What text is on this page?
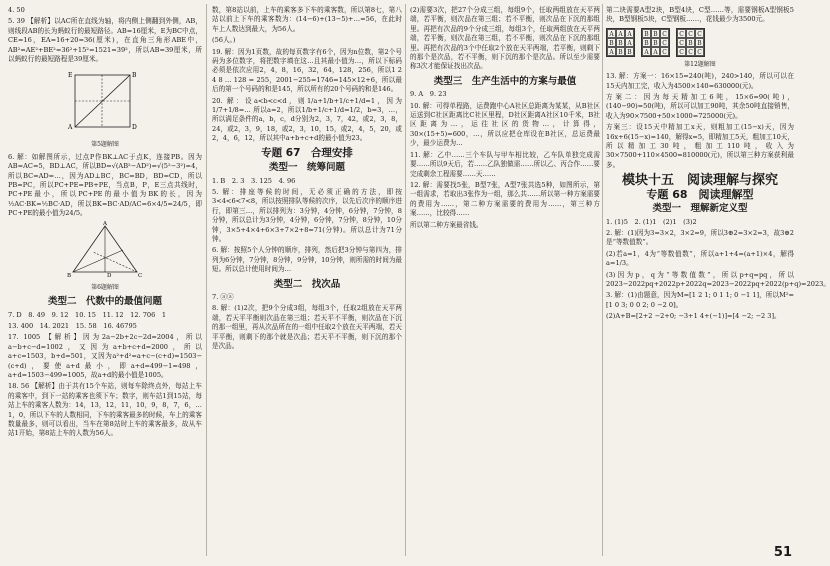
4. 50

5. 39 【解析】以AC所在直线为轴，将内侧上侧翻到外侧，AB，则线段AB的长为蚂蚁行的最短路径。AB=16厘米，E为BC中点，CE=16，EA=16+20=36(厘米)，在直角三角形ABE中，AB²=AE²+BE²=36²+15²=1521=39²，所以AB=39厘米，所以蚂蚁行的最短路程是39厘米。

A
B
E
D
第5题解图

6. 解：如解图所示，过点P作BK⊥AC于点K，连接PB。因为AB=AC=5，BD⊥AC，所以BD=√(AB²−AD²)=√(5²−3²)=4，所以BC=AD=…，因为AD⊥BC，BC=BD，BD=CD，所以PB=PC，所以PC+PE=PB+PE，当点B，P，E三点共线时，PC+PE最小，所以PC+PE的最小值为BK的长，因为½AC·BK=½BC·AD，所以BK=BC·AD/AC=6×4/5=24/5，即PC+PE的最小值为24/5。

A
B	C
D
第6题解图
类型二　代数中的最值问题

7. D　8. 49　9. 12　10. 15　11. 12　12. 706　1

13. 400　14. 2021　15. 58　16. 46795

17. 1005 【解析】因为2a−2b+2c−2d=2004，所以a−b+c−d=1002，又因为a+b+c+d=2000，所以a+c=1503，b+d=501，又因为a²+d²=a+c−(c+d)=1503−(c+d)，要使a+d最小，即a+d=499−1=498，a+d=1503−499=1005，故a+d的最小值是1005。

18. 56 【解析】由于共有15个车站，则每车除终点外，每站上车的乘客中，到下一站的乘客也须下车；数字，则车站1到15站，每站上车的乘客人数为：14，13，12，11，10，9，8，7，6，…1，0，所以下车的人数相同，下车的乘客最多的时候，车上的乘客数量最多，则可以看出，当车在第8站时上车的乘客最多，故从车站1开始，第8站上车的人数为56人。

数，第8站以前，上车的乘客多下车的乘客数，所以第8七，第八站以前上下车的乘客数为：(14−6)+(13−5)+…=56，在此时车上人数达到最大，为56人。

(56人。)

19. 解：因为1页数，故的每页数字有6个，因为n位数，第2个号码为多位数字，将把数字填在这…且其最小值为…，所以下标码必须是依次应用2，4，8，16，32，64，128，256，所以1 2 4 8 … 128 = 255，2001−255=1746=145×12+6，所以最后的第一个号码的和是145，所以所有的20个号码的和是146。

20. 解：设a<b<c<d，则1/a+1/b+1/c+1/d=1，因为1/7+1/8=… 所以a=2，所以1/b+1/c+1/d=1/2，b=3，…，所以满足条件的a，b，c，d分别为2，3，7，42，或2，3，8，24，或2，3，9，18，或2，3，10，15，或2，4，5，20，或2，4，6，12，所以其中a+b+c+d的最小值为23。

专题 67　合理安排
类型一　统筹问题

1. B　2. 3　3. 125　4. 96

5. 解：排座等候的时间，无必须正确的方法，即按3<4<6<7<8，所以按照排队等候的次序，以先后次序的顺序进行，即第三…，所以排列为：3分钟，4分钟，6分钟，7分钟，8分钟，所以总计为3分钟，4分钟，6分钟，7分钟，8分钟，10分钟，3×5+4×4+6×3+7×2+8=71(分钟)。所以总计为71分钟。

6. 解：按照5个人分钟的顺序，排列，然后把3分钟与第四为，排列为6分钟，7分钟，8分钟，9分钟，10分钟，则所需的时间为最短。所以总计使用时间为…

类型二　找次品

7. ⓐⓐ

8. 解：(1)2次，把9个分成3组，每组3个，任取2组放在天平两端，若天平平衡则次品在第三组；若天平不平衡，则次品在下沉的那一组里，再从次品所在的一组中任取2个放在天平两端，若天平平衡，则剩下的那个就是次品；若天平不平衡，则下沉的那个是次品。

(2)需要3次，把27个分成三组，每组9个，任取两组放在天平两端，若平衡，则次品在第三组；若不平衡，则次品在下沉的那组里。再把有次品的9个分成三组，每组3个，任取两组放在天平两端，若平衡，则次品在第三组，若不平衡，则次品在下沉的那组里。再把有次品的3个中任取2个放在天平两端，若平衡，则剩下的那个是次品，若不平衡，则下沉的那个是次品。所以至少需要称3次才能保证找出次品。

类型三　生产生活中的方案与最值

9. A　9. 23

10. 解：可得单程路，运费跑中心A社区总距离为某某，从B社区运送到C社区距离比C社区里程，D社区距离A社区10千米，B社区距离为…，运往社区的货物…，计算得，30×(15+5)=600，…，所以应把仓库设在B社区，总运费最少，最少运费为…

11. 解：乙中……三个车队与甲车相比较，乙车队单独完成需要……所以9天后，若……乙队独做需……所以乙、丙合作……要完成剩余工程需要……天……

12. 解：需要找5张，B型7张，A型7张共选5种，如图所示，第一组需求，若取出3张作为一组，那么共……所以第一种方案需要的费用为……，第二种方案需要的费用为……，第三种方案……，比较得……

所以第二种方案最省钱。

第二块需要A型2块，B型4块，C型……等，需要钢板A型钢板5块，B型钢板5块，C型钢板……，花钱最少为3500元。

A A A
B B A
A B B
B B C
B B C
A A C
C C C
C B B
C C C
第12题解图

13. 解：方案一：16×15=240(吨)，240>140，所以可以在15天内加工完，收入为4500×140=630000(元)。

方案二：因为每天精加工6吨，15×6=90(吨)，(140−90)=50(吨)，所以可以加工90吨，其余50吨直接销售，收入为90×7500+50×1000=725000(元)。

方案三：设15天中精加工x天，则粗加工(15−x)天，因为16x+6(15−x)=140，解得x=5，即精加工5天，粗加工10天，所以精加工30吨，粗加工110吨，收入为30×7500+110×4500=810000(元)，所以第三种方案获利最多。

模块十五　阅读理解与探究
专题 68　阅读理解型
类型一　理解新定义型

1. (1)5　2. (1)1　(2)1　(3)2

2. 解：(1)因为3=3×2，3×2=9，所以3⊕2=3×2=3，故3⊕2是“等数值数”。

(2)若a=1，4为“等数值数”，所以a+1+4=(a+1)×4，解得a=1/3。

(3)因为p，q为“等数值数”，所以p+q=pq，所以2023−2022pq+2022p+2022q=2023−2022pq+2022(p+q)=2023。

3. 解：(1)由题意，因为M=[1 2 1; 0 1 1; 0 −1 1]，所以M²=[1 0 3; 0 0 2; 0 −2 0]。

(2)A+B=[2+2 −2+0; −3+1 4+(−1)]=[4 −2; −2 3]。

51
